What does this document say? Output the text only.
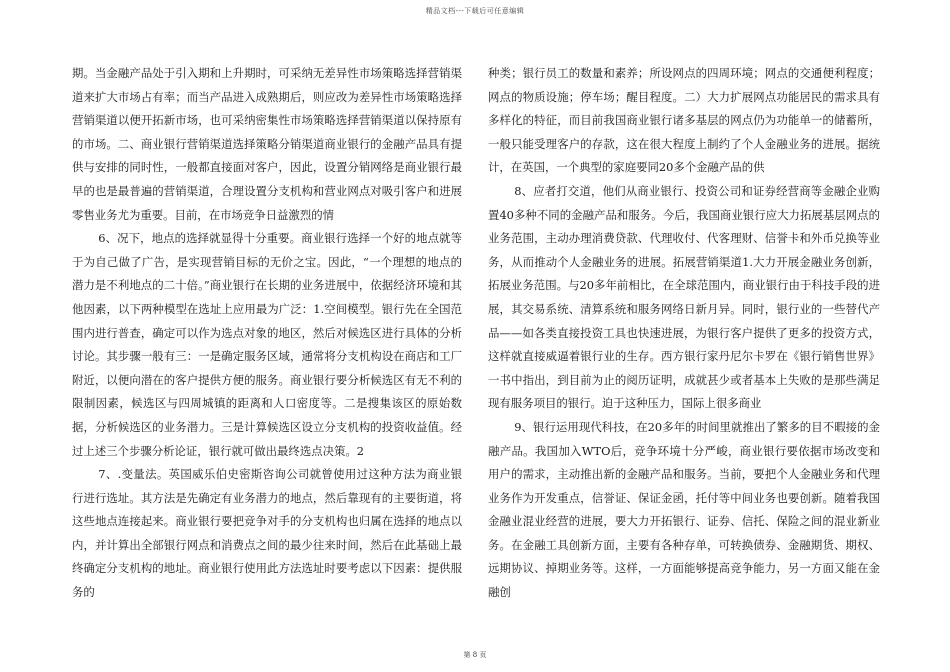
精品文档---下载后可任意编辑

期。当金融产品处于引入期和上升期时，可采纳无差异性市场策略选择营销渠道来扩大市场占有率；而当产品进入成熟期后，则应改为差异性市场策略选择营销渠道以便开拓新市场，也可采纳密集性市场策略选择营销渠道以保持原有的市场。二、商业银行营销渠道选择策略分销渠道商业银行的金融产品具有提供与安排的同时性，一般都直接面对客户，因此，设置分销网络是商业银行最早的也是最普遍的营销渠道，合理设置分支机构和营业网点对吸引客户和进展零售业务尤为重要。目前，在市场竞争日益激烈的情

6、况下，地点的选择就显得十分重要。商业银行选择一个好的地点就等于为自己做了广告，是实现营销目标的无价之宝。因此，“一个理想的地点的潜力是不利地点的二十倍。”商业银行在长期的业务进展中，依据经济环境和其他因素，以下两种模型在选址上应用最为广泛：1.空间模型。银行先在全国范围内进行普查，确定可以作为选点对象的地区，然后对候选区进行具体的分析讨论。其步骤一般有三：一是确定服务区域，通常将分支机构设在商店和工厂附近，以便向潜在的客户提供方便的服务。商业银行要分析候选区有无不利的限制因素，候选区与四周城镇的距离和人口密度等。二是搜集该区的原始数据，分析候选区的业务潜力。三是计算候选区设立分支机构的投资收益值。经过上述三个步骤分析论证，银行就可做出最终选点决策。2

7、.变量法。英国威乐伯史密斯咨询公司就曾使用过这种方法为商业银行进行选址。其方法是先确定有业务潜力的地点，然后靠现有的主要街道，将这些地点连接起来。商业银行要把竞争对手的分支机构也归属在选择的地点以内，并计算出全部银行网点和消费点之间的最少往来时间，然后在此基础上最终确定分支机构的地址。商业银行使用此方法选址时要考虑以下因素：提供服务的

种类；银行员工的数量和素养；所设网点的四周环境；网点的交通便利程度；网点的物质设施；停车场；醒目程度。二）大力扩展网点功能居民的需求具有多样化的特征，而目前我国商业银行诸多基层的网点仍为功能单一的储蓄所，一般只能受理客户的存款，这在很大程度上制约了个人金融业务的进展。据统计，在英国，一个典型的家庭要同20多个金融产品的供

8、应者打交道，他们从商业银行、投资公司和证券经营商等金融企业购置40多种不同的金融产品和服务。今后，我国商业银行应大力拓展基层网点的业务范围，主动办理消费贷款、代理收付、代客理财、信誉卡和外币兑换等业务，从而推动个人金融业务的进展。拓展营销渠道1.大力开展金融业务创新，拓展业务范围。与20多年前相比，在全球范围内，商业银行由于科技手段的进展，其交易系统、清算系统和服务网络日新月异。同时，银行业的一些替代产品——如各类直接投资工具也快速进展，为银行客户提供了更多的投资方式，这样就直接威逼着银行业的生存。西方银行家丹尼尔卡罗在《银行销售世界》一书中指出，到目前为止的阅历证明，成就甚少或者基本上失败的是那些满足现有服务项目的银行。迫于这种压力，国际上很多商业

9、银行运用现代科技，在20多年的时间里就推出了繁多的目不暇接的金融产品。我国加入WTO后，竞争环境十分严峻，商业银行要依据市场改变和用户的需求，主动推出新的金融产品和服务。当前，要把个人金融业务和代理业务作为开发重点，信誉证、保证金函，托付等中间业务也要创新。随着我国金融业混业经营的进展，要大力开拓银行、证券、信托、保险之间的混业新业务。在金融工具创新方面，主要有各种存单，可转换债券、金融期货、期权、远期协议、掉期业务等。这样，一方面能够提高竞争能力，另一方面又能在金融创

第 8 页
